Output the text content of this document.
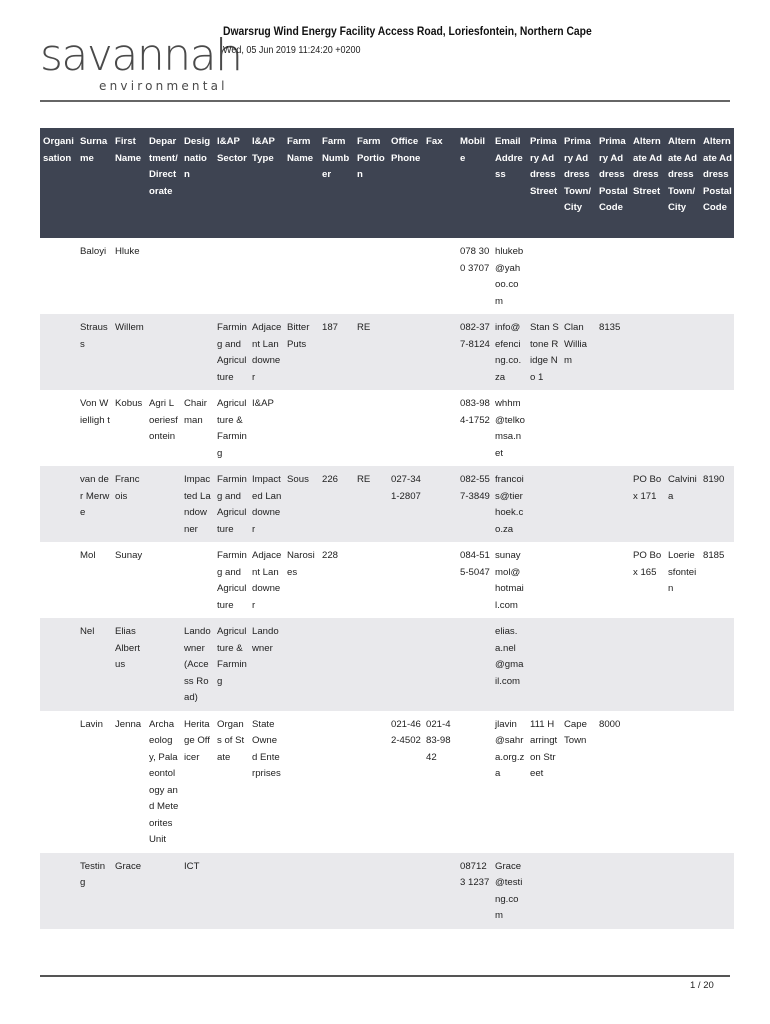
savannah
environmental
Dwarsrug Wind Energy Facility Access Road, Loriesfontein, Northern Cape
Wed, 05 Jun 2019 11:24:20 +0200
Organisation	Surname	First Name	Department/Directorate	Designation	I&AP Sector	I&AP Type	Farm Name	Farm Number	Farm Portion	Office Phone	Fax	Mobile	Email Address	Primary Address Street	Primary Address Town/City	Primary Address Postal Code	Alternate Address Street	Alternate Address Town/City	Alternate Address Postal Code
	Baloyi	Hluke										078 300 3707	hlukeb@yahoo.com						
	Strauss	Willem			Farming and Agriculture	Adjacent Landowner	Bitter Puts	187	RE			082-377-8124	info@efencing.co.za	Stan Stone Ridge No 1	Clan William	8135			
	Von Wielligh t	Kobus	Agri Loeriesfontein	Chairman	Agriculture & Farming	I&AP						083-984-1752	whhm@telkomsa.net						
	van der Merwe	Francois		Impacted Landowner	Farming and Agriculture	Impacted Landowner	Sous	226	RE	027-341-2807		082-557-3849	francois@tierhoek.co.za				PO Box 171	Calvinia	8190
	Mol	Sunay			Farming and Agriculture	Adjacent Landowner	Narosies	228				084-515-5047	sunaymol@hotmail.com				PO Box 165	Loeriesfontein	8185
	Nel	Elias Albertus		Landowner (Access Road)	Agriculture & Farming	Landowner							elias.a.nel@gmail.com						
	Lavin	Jenna	Archaeology, Palaeontology and Meteorites Unit	Heritage Officer	Organs of State	State Owned Enterprises				021-462-4502	021-483-9842		jlavin@sahra.org.za	111 Harrington Street	Cape Town	8000			
	Testing	Grace		ICT								087123 1237	Grace@testing.com						
1 / 20
